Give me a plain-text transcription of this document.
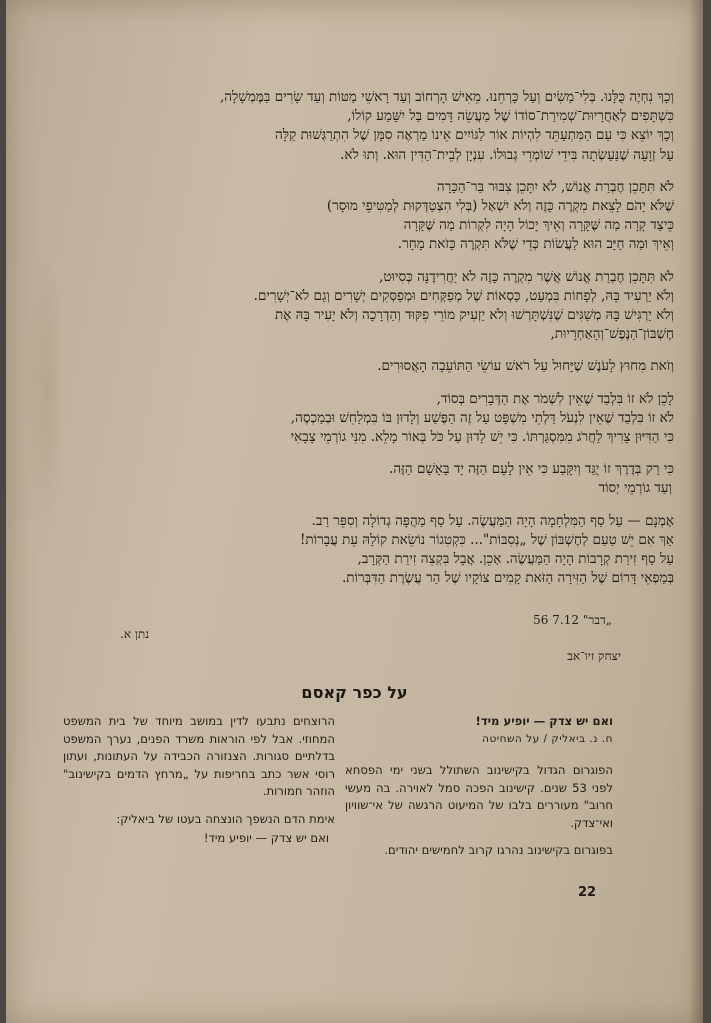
וְכָךְ נִחְיֶה כֻּלָּנוּ. בְּלִי־מַשִׂים וְעַל כָּרְחֵנוּ. מֵאִישׁ הָרְחוֹב וְעַד רָאשֵׁי מַטּוֹת וְעַד שָׂרִים בַּמֶּמְשָׁלָה,
כִּשְׁתָּפִים לְאַחֲרָיוּת־שְׁמִירַת־סוֹדוֹ שֶׁל מַעֲשֵׂה דָּמִים בַּל יִשָּׁמַע קוֹלוֹ,
וְכָךְ יוֹצֵא כִּי עַם הַמִּתְעַתֵּד לִהְיוֹת אוֹר לַגּוֹיִים אֵינוֹ מַרְאֶה סִמָּן שֶׁל הִתְרַגְּשׁוּת קַלָּה
עַל זְוָעָה שֶׁנַּעַשְׂתָה בִּידֵי שׁוֹמְרֵי גְבוּלוֹ. עִנְיָן לְבֵית־הַדִּין הוּא. וְתוּ לֹא.
לֹא תִּתָּכֵן חֶבְרַת אֱנוֹשׁ, לֹא יִתָּכֵן צִבּוּר בַּר־הַכָּרָה
שֶׁלֹּא יָהֹם לָצֵאת מִקְרֶה כָּזֶה וְלֹא יִשְׁאַל (בְּלִי הִצְטַדְּקוּת לְמַטִּיפֵי מוּסָר)
כֵּיצַד קָרָה מַה שֶּׁקָּרָה וְאֵיךְ יָכוֹל הָיָה לִקְרוֹת מַה שֶּׁקָּרָה
וְאֵיךְ וּמַה חַיָּב הוּא לַעֲשׂוֹת כְּדֵי שֶׁלֹּא תִּקְרֶה כָּזֹאת מָחָר.
לֹא תִּתָּכֵן חֶבְרַת אֱנוֹשׁ אֲשֶׁר מִקְרֶה כָּזֶה לֹא יַחֲרִידֶנָּה כְּסִיוּט,
וְלֹא יַרְעִיד בָּהּ, לְפָחוֹת בִּמְעַט, כַּסְאוֹת שֶׁל מְפַקְּחִים וּמְפַסְּקִים יְשָׁרִים וְגַם לֹא־יְשָׁרִים.
וְלֹא יַרְגִּישׁ בָּהּ מְשַׁגִּים שֶׁנִּשְׁתָּרְשׁוּ וְלֹא יַזְעִיק מוֹרֵי פִקּוּד וְהַדְרָכָה וְלֹא יָעִיר בָּהּ אֶת
חֶשְׁבּוֹן־הַנֶּפֶשׁ־וְהָאַחְרָיוּת,
וְזֹאת מִחוּץ לָעֹנֶשׁ שֶׁיָּחוּל עַל רֹאשׁ עוֹשֵׂי הַתּוֹעֵבָה הָאֲסוּרִים.
לָכֵן לֹא זוֹ בִּלְבַד שֶׁאֵין לִשְׁמֹר אֶת הַדְּבָרִים בְּסוֹד,
לֹא זוֹ בִּלְבַד שֶׁאֵין לִנְעֹל דַּלְתֵי מִשְׁפָּט עַל זֶה הַפֶּשַׁע וְלָדוּן בּוֹ בִּמְלַחֵשׁ וּבְמַכְסֶה,
כִּי הַדִּיּוּן צָרִיךְ לַחֲרֹג מִמִּסְגַּרְתּוֹ. כִּי יֵשׁ לָדוּן עַל כֹּל בְּאוֹר מָלֵא. מִנִּי גוֹרְמֵי צָבָאִי
כִּי רַק בְּדֶרֶךְ זוֹ יֻגַּד וְיִקָּבַע כִּי אֵין לָעָם הַזֶּה יָד בָּאָשָׁם הַזֶּה.
וְעַד גוֹרְמֵי יְסוֹד
אָמְנָם — עַל סַף הַמִּלְחָמָה הָיָה הַמַּעֲשֶׂה. עַל סַף מַהֲפָּה גְדוֹלָה וְסִפֵּר רַב.
אַךְ אִם יֵשׁ טַעַם לְחֶשְׁבּוֹן שֶׁל „נְסִבּוֹת"... כִּקְטִגוֹר נוֹשֵׂאת קוֹלָהּ עֵת עֲבָרוֹת!
עַל סַף זִירַת קְרָבוֹת הָיָה הַמַּעֲשֶׂה. אָכֵן. אֲבָל בִּקְצֵה זִירַת הַקְּרָב,
בְּמַפְאֵי דָּרוֹם שֶׁל הַזִּירָה הַזֹּאת קָמִים צוֹקָיו שֶׁל הַר עֲשֶׂרֶת הַדִּבְּרוֹת.
„דבר" 7.12 56
נתן א.
יצחק זיו־אב
על כפר קאסם
ואם יש צדק — יופיע מיד!
ח. נ. ביאליק / על השחיטה

הפוגרום הגדול בקישינוב השתולל בשני ימי הפסחא לפני 53 שנים. קישינוב הפכה סמל לאוירה. בה מעשי חרוב" מעוררים בלבו של המיעוט הרגשה של אי־שוויון ואי־צדק.

בפוגרום בקישינוב נהרגו קרוב לחמישים יהודים.

הרוצחים נתבעו לדין במושב מיוחד של בית המשפט המחוזי. אבל לפי הוראות משרד הפנים, נערך המשפט בדלתיים סגורות. הצנזורה הכבידה על העתונות, ועתון רוסי אשר כתב בחריפות על „מרחץ הדמים בקישינוב" הוזהר חמורות.

אימת הדם הנשפך הונצחה בעטו של ביאליק:

ואם יש צדק — יופיע מיד!
22
